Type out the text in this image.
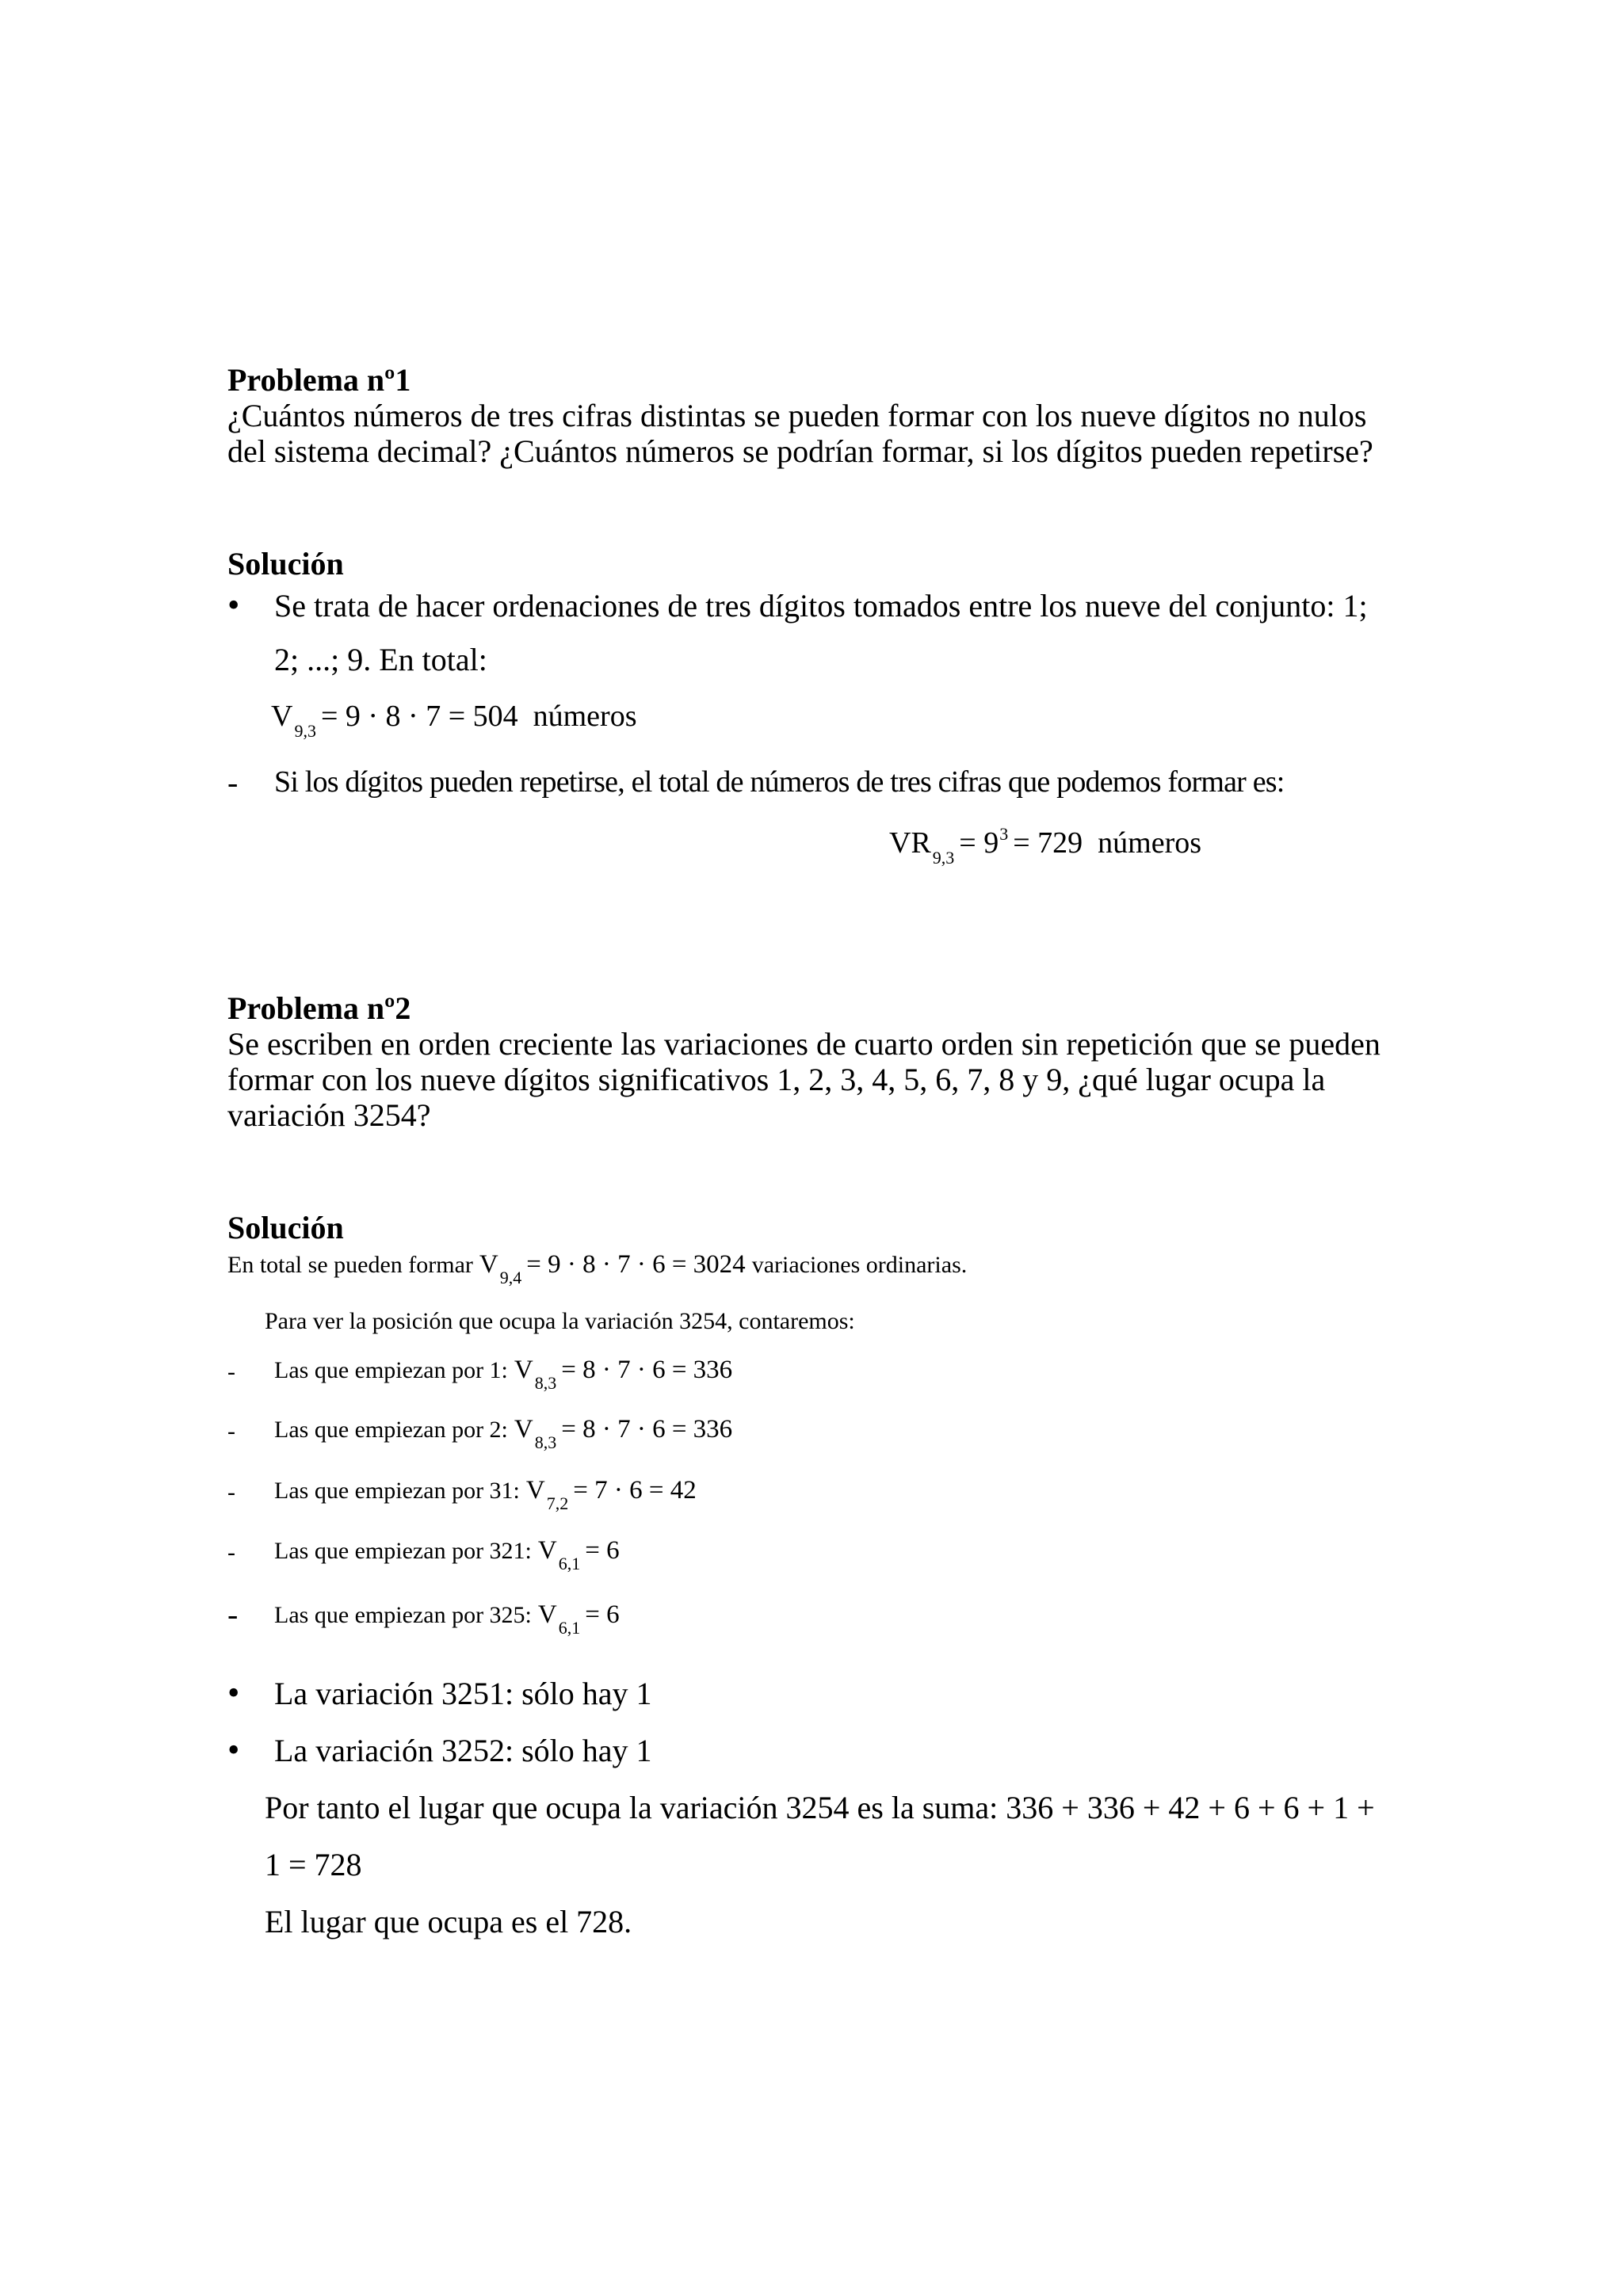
Problema nº1
¿Cuántos números de tres cifras distintas se pueden formar con los nueve dígitos no nulos
del sistema decimal? ¿Cuántos números se podrían formar, si los dígitos pueden repetirse?
Solución
• Se trata de hacer ordenaciones de tres dígitos tomados entre los nueve del conjunto: 1;
2; ...; 9. En total:
$V_{9,3} = 9 \cdot 8 \cdot 7 = 504$ números
- Si los dígitos pueden repetirse, el total de números de tres cifras que podemos formar es:
$VR_{9,3} = 9^3 = 729$ números
Problema nº2
Se escriben en orden creciente las variaciones de cuarto orden sin repetición que se pueden
formar con los nueve dígitos significativos 1, 2, 3, 4, 5, 6, 7, 8 y 9, ¿qué lugar ocupa la
variación 3254?
Solución
En total se pueden formar $V_{9,4} = 9 \cdot 8 \cdot 7 \cdot 6 = 3024$ variaciones ordinarias.
Para ver la posición que ocupa la variación 3254, contaremos:
- Las que empiezan por 1: $V_{8,3} = 8 \cdot 7 \cdot 6 = 336$
- Las que empiezan por 2: $V_{8,3} = 8 \cdot 7 \cdot 6 = 336$
- Las que empiezan por 31: $V_{7,2} = 7 \cdot 6 = 42$
- Las que empiezan por 321: $V_{6,1} = 6$
- Las que empiezan por 325: $V_{6,1} = 6$
• La variación 3251: sólo hay 1
• La variación 3252: sólo hay 1
Por tanto el lugar que ocupa la variación 3254 es la suma: 336 + 336 + 42 + 6 + 6 + 1 +
1 = 728
El lugar que ocupa es el 728.
